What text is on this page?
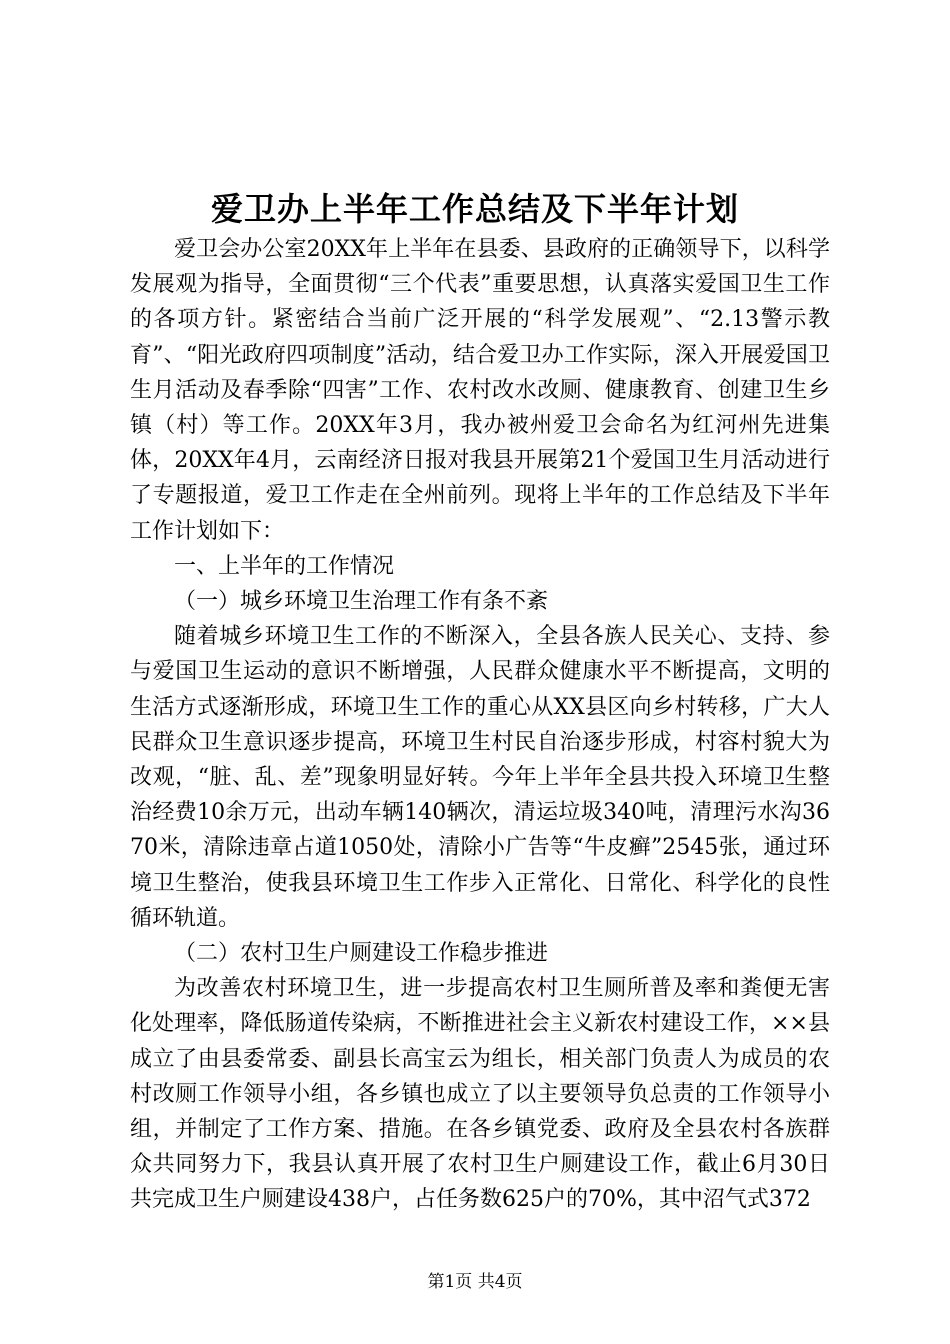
爱卫办上半年工作总结及下半年计划

爱卫会办公室20XX年上半年在县委、县政府的正确领导下，以科学发展观为指导，全面贯彻“三个代表”重要思想，认真落实爱国卫生工作的各项方针。紧密结合当前广泛开展的“科学发展观”、“2.13警示教育”、“阳光政府四项制度”活动，结合爱卫办工作实际，深入开展爱国卫生月活动及春季除“四害”工作、农村改水改厕、健康教育、创建卫生乡镇（村）等工作。20XX年3月，我办被州爱卫会命名为红河州先进集体，20XX年4月，云南经济日报对我县开展第21个爱国卫生月活动进行了专题报道，爱卫工作走在全州前列。现将上半年的工作总结及下半年工作计划如下：

一、上半年的工作情况

（一）城乡环境卫生治理工作有条不紊

随着城乡环境卫生工作的不断深入，全县各族人民关心、支持、参与爱国卫生运动的意识不断增强，人民群众健康水平不断提高，文明的生活方式逐渐形成，环境卫生工作的重心从XX县区向乡村转移，广大人民群众卫生意识逐步提高，环境卫生村民自治逐步形成，村容村貌大为改观，“脏、乱、差”现象明显好转。今年上半年全县共投入环境卫生整治经费10余万元，出动车辆140辆次，清运垃圾340吨，清理污水沟3670米，清除违章占道1050处，清除小广告等“牛皮癣”2545张，通过环境卫生整治，使我县环境卫生工作步入正常化、日常化、科学化的良性循环轨道。

（二）农村卫生户厕建设工作稳步推进

为改善农村环境卫生，进一步提高农村卫生厕所普及率和粪便无害化处理率，降低肠道传染病，不断推进社会主义新农村建设工作，××县成立了由县委常委、副县长高宝云为组长，相关部门负责人为成员的农村改厕工作领导小组，各乡镇也成立了以主要领导负总责的工作领导小组，并制定了工作方案、措施。在各乡镇党委、政府及全县农村各族群众共同努力下，我县认真开展了农村卫生户厕建设工作，截止6月30日共完成卫生户厕建设438户，占任务数625户的70%，其中沼气式372

第1页 共4页
